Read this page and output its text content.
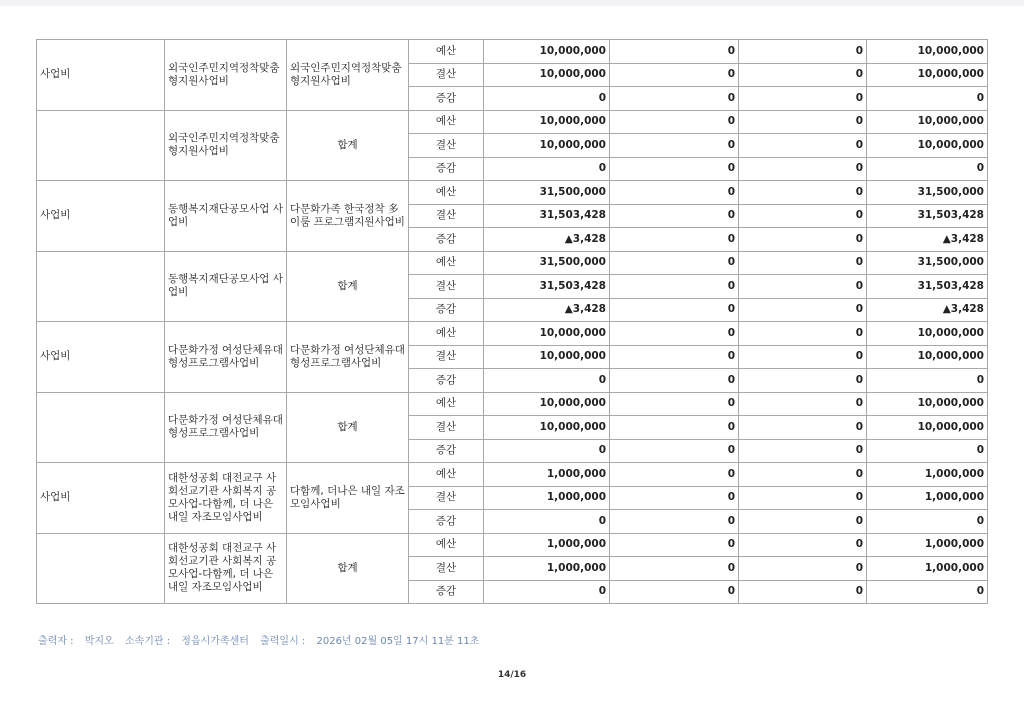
사업비	외국인주민지역정착맞춤형지원사업비	외국인주민지역정착맞춤형지원사업비	예산	10,000,000	0	0	10,000,000
			결산	10,000,000	0	0	10,000,000
			증감	0	0	0	0
	외국인주민지역정착맞춤형지원사업비	합계	예산	10,000,000	0	0	10,000,000
			결산	10,000,000	0	0	10,000,000
			증감	0	0	0	0
사업비	동행복지재단공모사업 사업비	다문화가족 한국정착 多이룸 프로그램지원사업비	예산	31,500,000	0	0	31,500,000
			결산	31,503,428	0	0	31,503,428
			증감	▲3,428	0	0	▲3,428
	동행복지재단공모사업 사업비	합계	예산	31,500,000	0	0	31,500,000
			결산	31,503,428	0	0	31,503,428
			증감	▲3,428	0	0	▲3,428
사업비	다문화가정 여성단체유대형성프로그램사업비	다문화가정 여성단체유대형성프로그램사업비	예산	10,000,000	0	0	10,000,000
			결산	10,000,000	0	0	10,000,000
			증감	0	0	0	0
	다문화가정 여성단체유대형성프로그램사업비	합계	예산	10,000,000	0	0	10,000,000
			결산	10,000,000	0	0	10,000,000
			증감	0	0	0	0
사업비	대한성공회 대전교구 사회선교기관 사회복지 공모사업-다함께, 더 나은 내일 자조모임사업비	다함께, 더나은 내일 자조모임사업비	예산	1,000,000	0	0	1,000,000
			결산	1,000,000	0	0	1,000,000
			증감	0	0	0	0
	대한성공회 대전교구 사회선교기관 사회복지 공모사업-다함께, 더 나은 내일 자조모임사업비	합계	예산	1,000,000	0	0	1,000,000
			결산	1,000,000	0	0	1,000,000
			증감	0	0	0	0
출력자 : 박지오 소속기관 : 정읍시가족센터 출력일시 : 2026년 02월 05일 17시 11분 11초
14/16
